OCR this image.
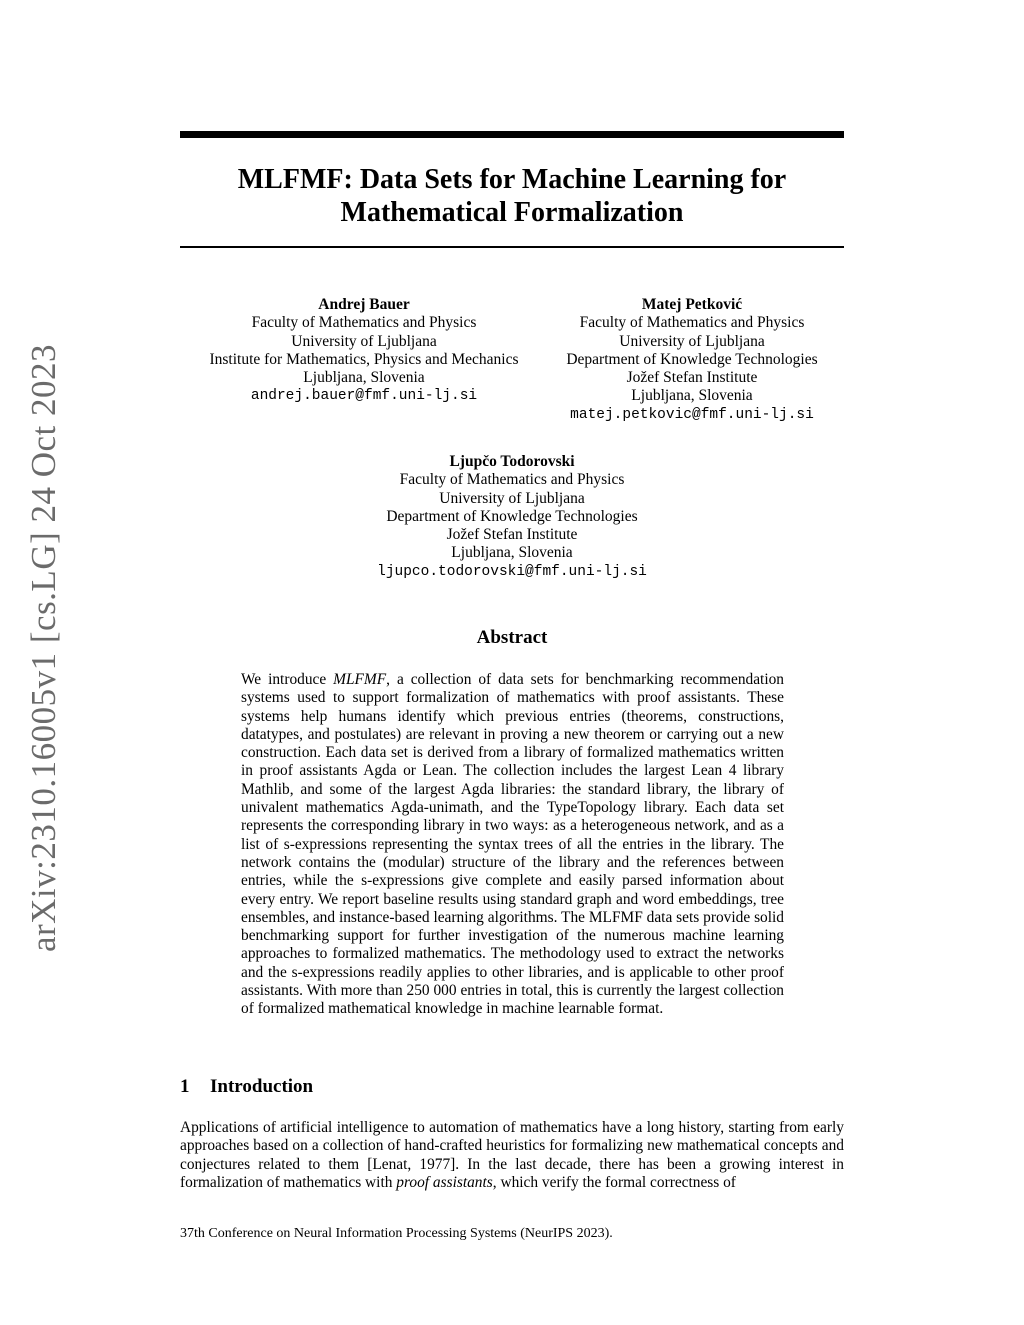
arXiv:2310.16005v1 [cs.LG] 24 Oct 2023
MLFMF: Data Sets for Machine Learning for Mathematical Formalization
Andrej Bauer
Faculty of Mathematics and Physics
University of Ljubljana
Institute for Mathematics, Physics and Mechanics
Ljubljana, Slovenia
andrej.bauer@fmf.uni-lj.si
Matej Petković
Faculty of Mathematics and Physics
University of Ljubljana
Department of Knowledge Technologies
Jožef Stefan Institute
Ljubljana, Slovenia
matej.petkovic@fmf.uni-lj.si
Ljupčo Todorovski
Faculty of Mathematics and Physics
University of Ljubljana
Department of Knowledge Technologies
Jožef Stefan Institute
Ljubljana, Slovenia
ljupco.todorovski@fmf.uni-lj.si
Abstract

We introduce MLFMF, a collection of data sets for benchmarking recommendation systems used to support formalization of mathematics with proof assistants. These systems help humans identify which previous entries (theorems, constructions, datatypes, and postulates) are relevant in proving a new theorem or carrying out a new construction. Each data set is derived from a library of formalized mathematics written in proof assistants Agda or Lean. The collection includes the largest Lean 4 library Mathlib, and some of the largest Agda libraries: the standard library, the library of univalent mathematics Agda-unimath, and the TypeTopology library. Each data set represents the corresponding library in two ways: as a heterogeneous network, and as a list of s-expressions representing the syntax trees of all the entries in the library. The network contains the (modular) structure of the library and the references between entries, while the s-expressions give complete and easily parsed information about every entry. We report baseline results using standard graph and word embeddings, tree ensembles, and instance-based learning algorithms. The MLFMF data sets provide solid benchmarking support for further investigation of the numerous machine learning approaches to formalized mathematics. The methodology used to extract the networks and the s-expressions readily applies to other libraries, and is applicable to other proof assistants. With more than 250 000 entries in total, this is currently the largest collection of formalized mathematical knowledge in machine learnable format.

1 Introduction

Applications of artificial intelligence to automation of mathematics have a long history, starting from early approaches based on a collection of hand-crafted heuristics for formalizing new mathematical concepts and conjectures related to them [Lenat, 1977]. In the last decade, there has been a growing interest in formalization of mathematics with proof assistants, which verify the formal correctness of

37th Conference on Neural Information Processing Systems (NeurIPS 2023).
